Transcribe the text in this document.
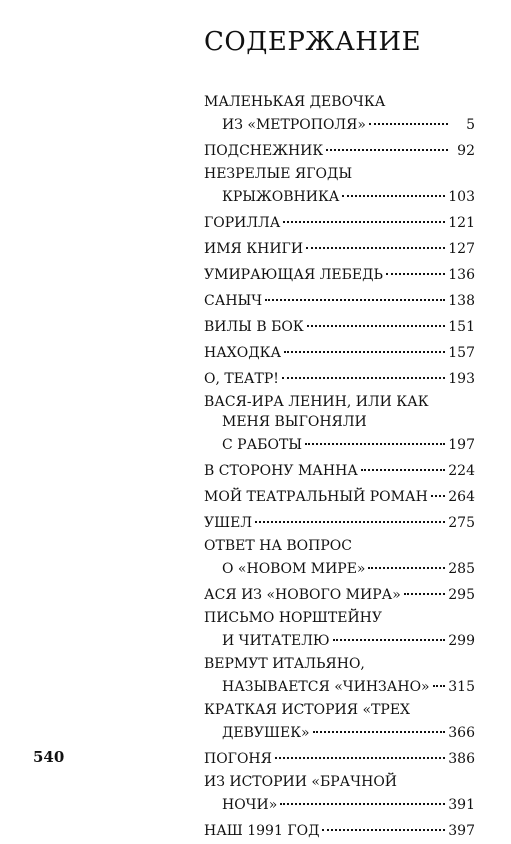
СОДЕРЖАНИЕ
МАЛЕНЬКАЯ ДЕВОЧКА
ИЗ «МЕТРОПОЛЯ»	5
ПОДСНЕЖНИК	92
НЕЗРЕЛЫЕ ЯГОДЫ
КРЫЖОВНИКА	103
ГОРИЛЛА	121
ИМЯ КНИГИ	127
УМИРАЮЩАЯ ЛЕБЕДЬ	136
САНЫЧ	138
ВИЛЫ В БОК	151
НАХОДКА	157
О, ТЕАТР!	193
ВАСЯ-ИРА ЛЕНИН, ИЛИ КАК
МЕНЯ ВЫГОНЯЛИ
С РАБОТЫ	197
В СТОРОНУ МАННА	224
МОЙ ТЕАТРАЛЬНЫЙ РОМАН 264
УШЕЛ	275
ОТВЕТ НА ВОПРОС
О «НОВОМ МИРЕ»	285
АСЯ ИЗ «НОВОГО МИРА»	295
ПИСЬМО НОРШТЕЙНУ
И ЧИТАТЕЛЮ	299
ВЕРМУТ ИТАЛЬЯНО,
НАЗЫВАЕТСЯ «ЧИНЗАНО» 315
КРАТКАЯ ИСТОРИЯ «ТРЕХ
ДЕВУШЕК»	366
ПОГОНЯ	386
ИЗ ИСТОРИИ «БРАЧНОЙ
НОЧИ»	391
НАШ 1991 ГОД	397
540
